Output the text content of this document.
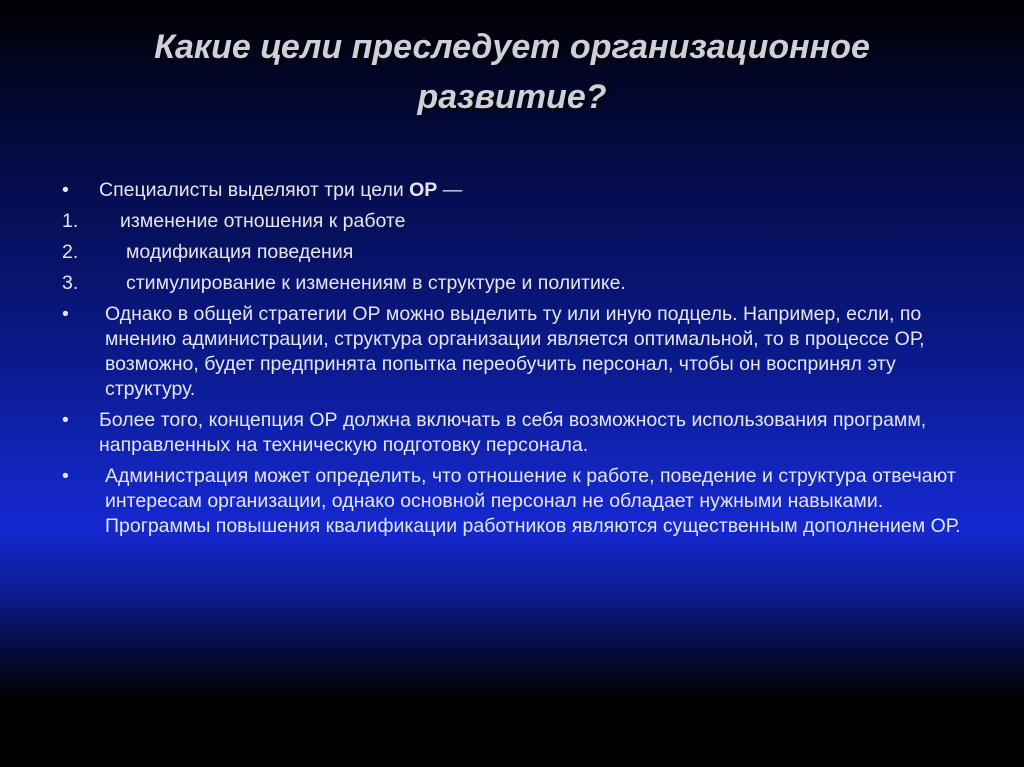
Какие цели преследует организационное
развитие?
• Специалисты выделяют три цели ОР —
1. изменение отношения к работе
2. модификация поведения
3. стимулирование к изменениям в структуре и политике.
•	Однако в общей стратегии ОР можно выделить ту или иную подцель. Например, если, по мнению администрации, структура организации является оптимальной, то в процессе ОР, возможно, будет предпринята попытка переобучить персонал, чтобы он воспринял эту структуру.
• Более того, концепция ОР должна включать в себя возможность использования программ, направленных на техническую подготовку персонала.
•	Администрация может определить, что отношение к работе, поведение и структура отвечают интересам организации, однако основной персонал не обладает нужными навыками. Программы повышения квалификации работников являются существенным дополнением ОР.
